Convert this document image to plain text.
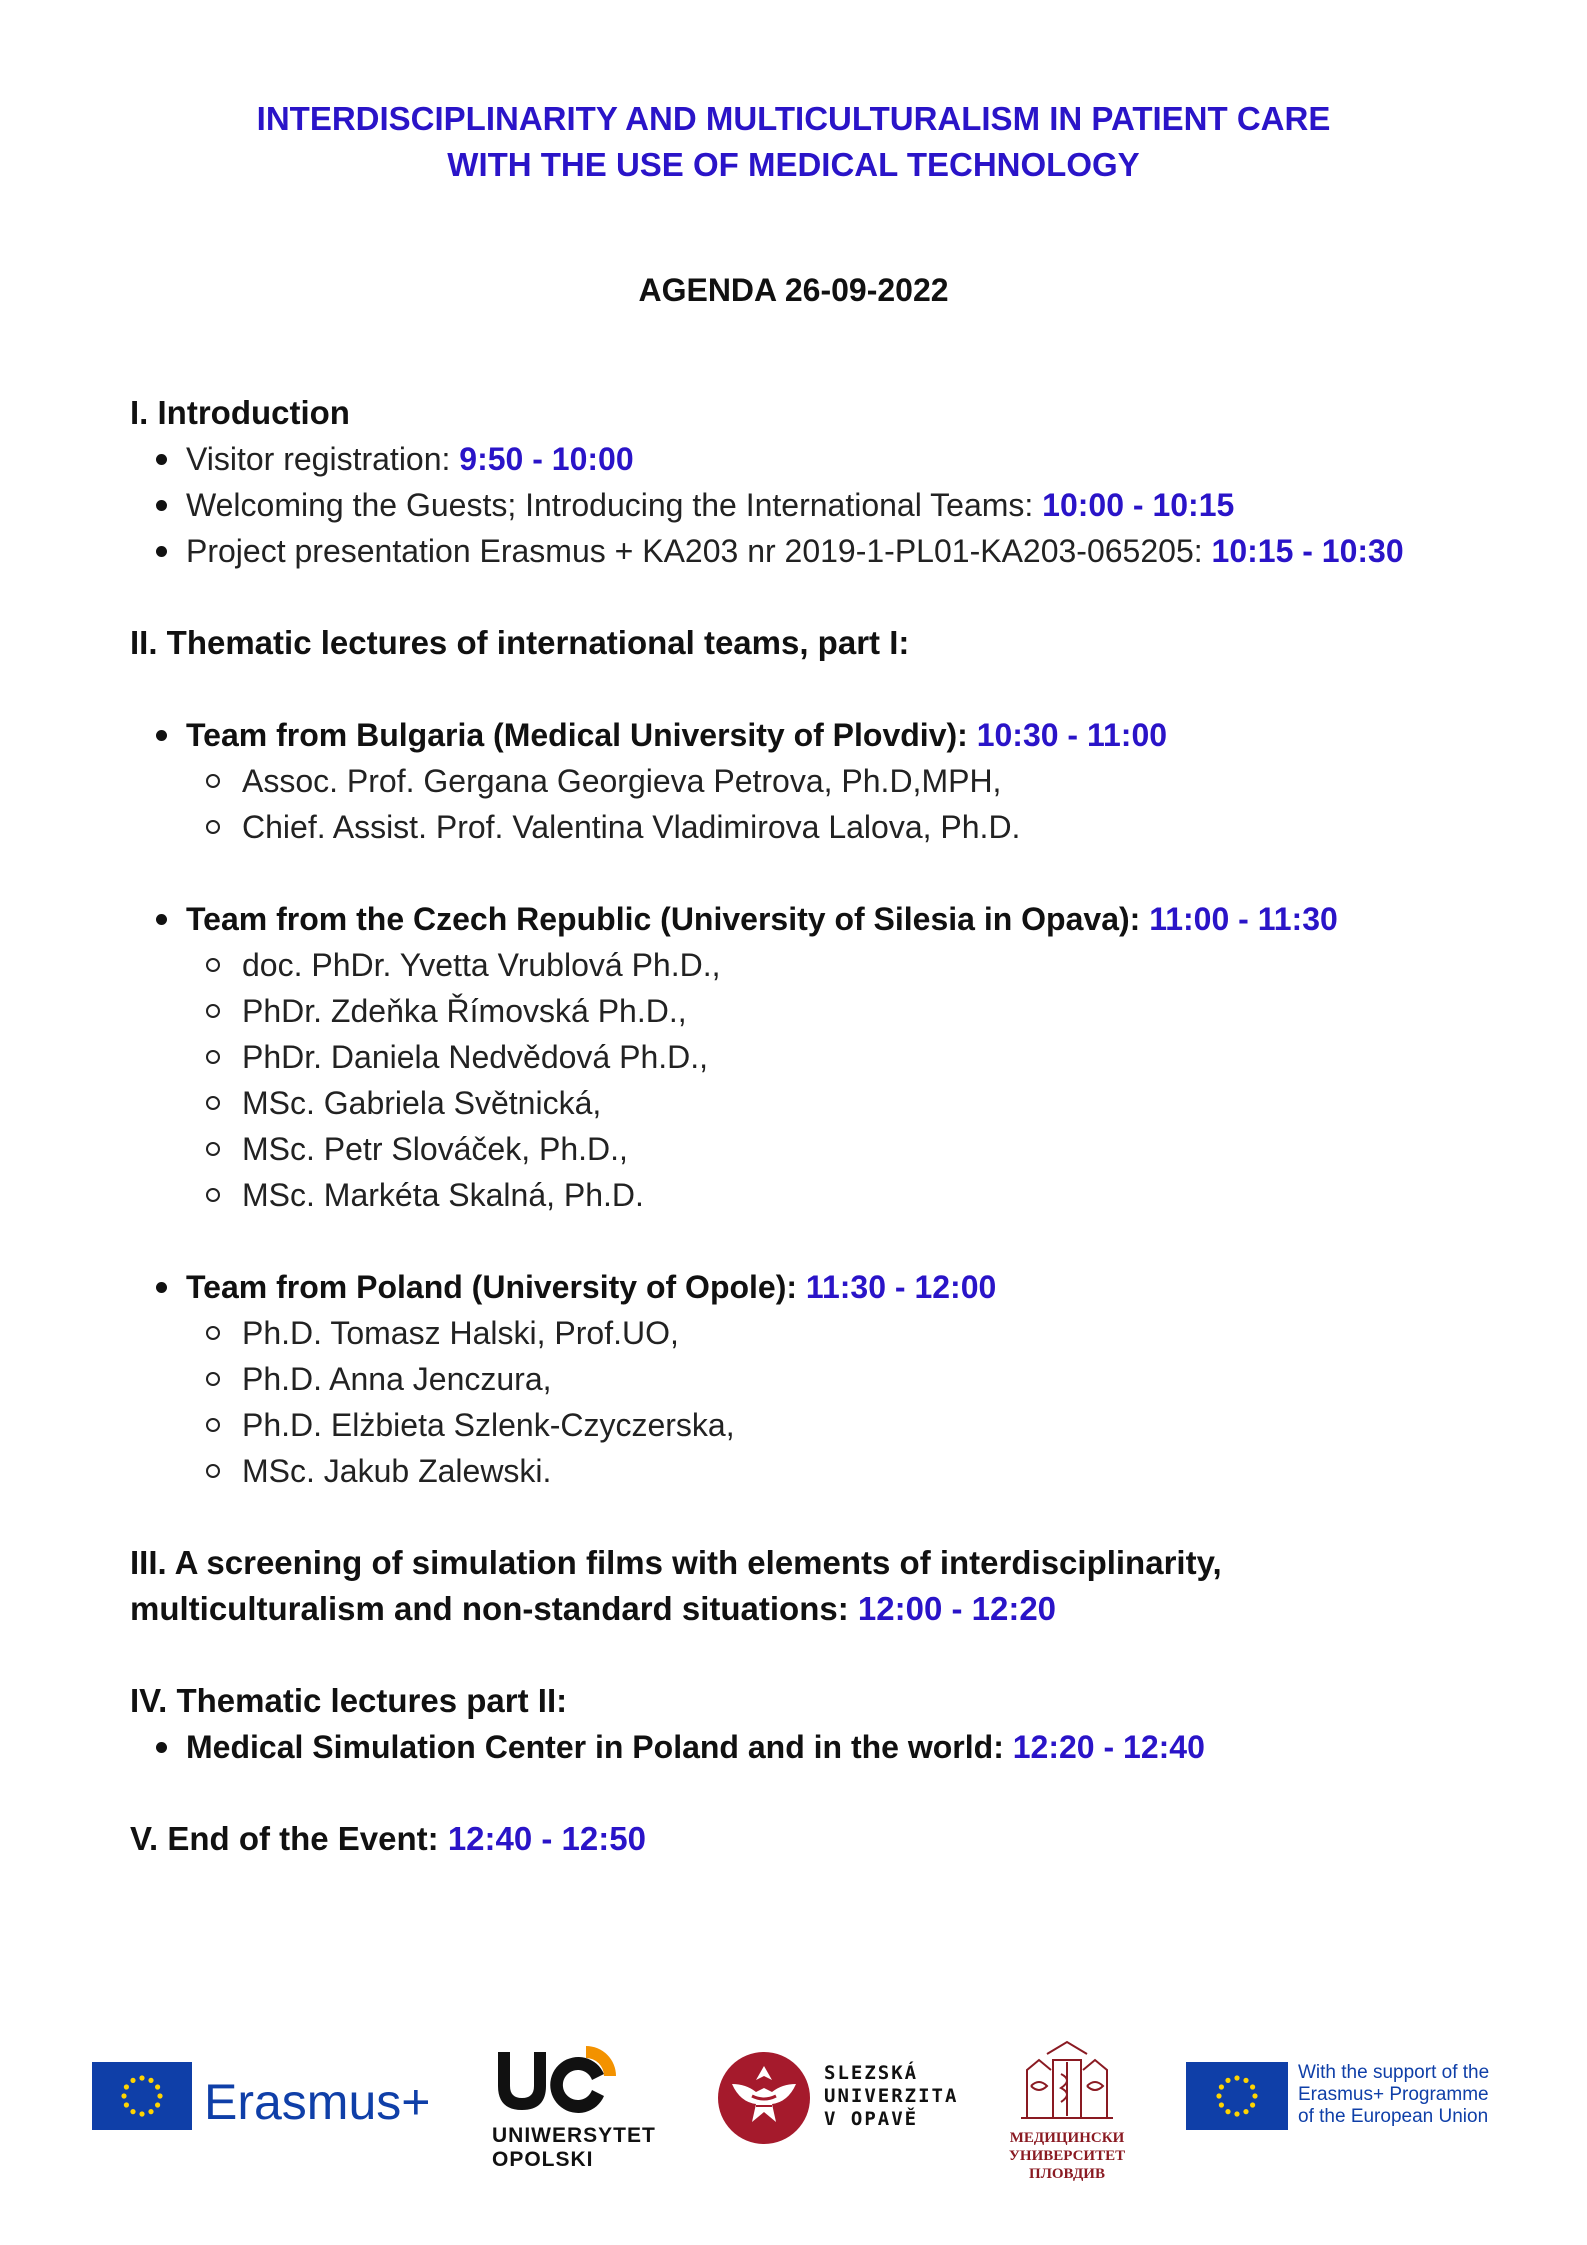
INTERDISCIPLINARITY AND MULTICULTURALISM IN PATIENT CARE
WITH THE USE OF MEDICAL TECHNOLOGY
AGENDA 26-09-2022

I. Introduction

Visitor registration: 9:50 - 10:00
Welcoming the Guests; Introducing the International Teams: 10:00 - 10:15
Project presentation Erasmus + KA203 nr 2019-1-PL01-KA203-065205: 10:15 - 10:30

II. Thematic lectures of international teams, part I:

Team from Bulgaria (Medical University of Plovdiv): 10:30 - 11:00
Assoc. Prof. Gergana Georgieva Petrova, Ph.D,MPH,
Chief. Assist. Prof. Valentina Vladimirova Lalova, Ph.D.
Team from the Czech Republic (University of Silesia in Opava): 11:00 - 11:30
doc. PhDr. Yvetta Vrublová Ph.D.,
PhDr. Zdeňka Římovská Ph.D.,
PhDr. Daniela Nedvědová Ph.D.,
MSc. Gabriela Světnická,
MSc. Petr Slováček, Ph.D.,
MSc. Markéta Skalná, Ph.D.
Team from Poland (University of Opole): 11:30 - 12:00
Ph.D. Tomasz Halski, Prof.UO,
Ph.D. Anna Jenczura,
Ph.D. Elżbieta Szlenk-Czyczerska,
MSc. Jakub Zalewski.

III. A screening of simulation films with elements of interdisciplinarity,

multiculturalism and non-standard situations: 12:00 - 12:20

IV. Thematic lectures part II:

Medical Simulation Center in Poland and in the world: 12:20 - 12:40

V. End of the Event: 12:40 - 12:50

Erasmus+
UNIWERSYTET
OPOLSKI
SLEZSKÁ
UNIVERZITA
V OPAVĚ
МЕДИЦИНСКИ
УНИВЕРСИТЕТ
ПЛОВДИВ
With the support of the
Erasmus+ Programme
of the European Union
